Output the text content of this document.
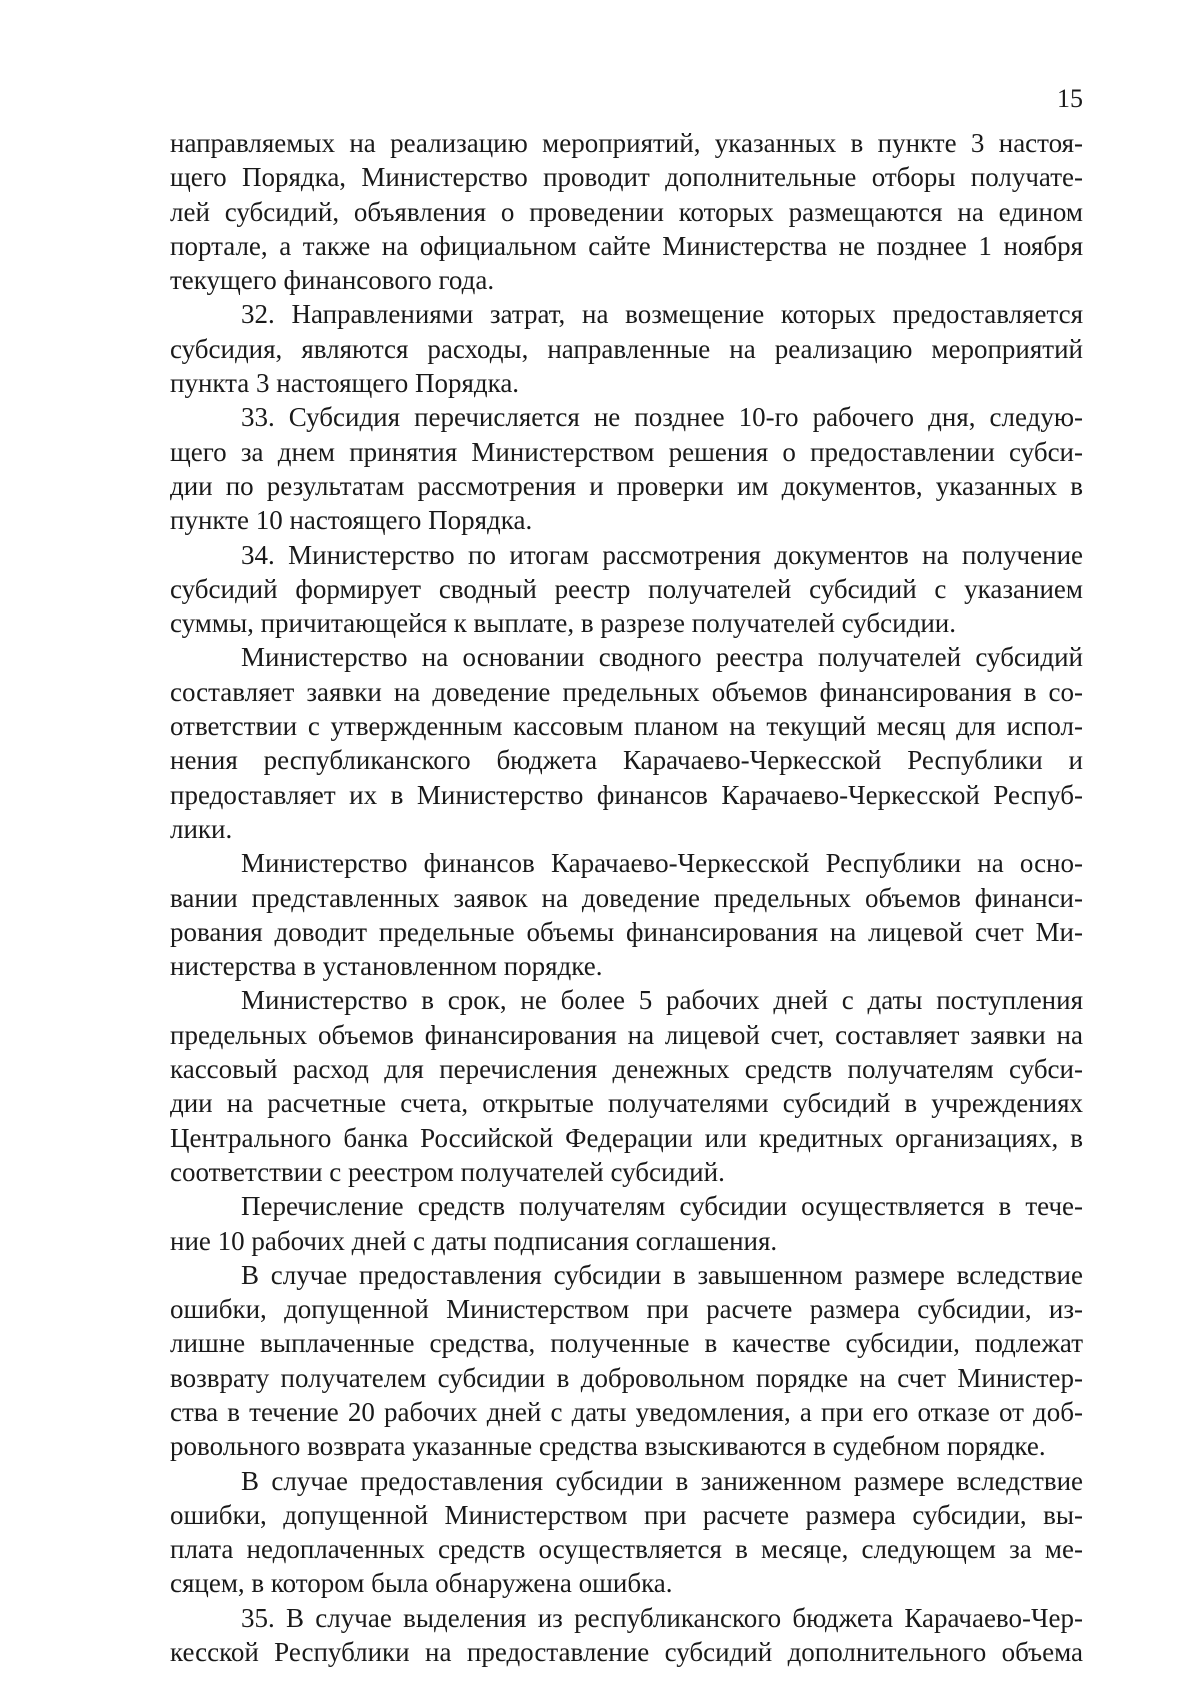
15
направляемых на реализацию мероприятий, указанных в пункте 3 настоя-
щего Порядка, Министерство проводит дополнительные отборы получате-
лей субсидий, объявления о проведении которых размещаются на едином
портале, а также на официальном сайте Министерства не позднее 1 ноября
текущего финансового года.
32. Направлениями затрат, на возмещение которых предоставляется
субсидия, являются расходы, направленные на реализацию мероприятий
пункта 3 настоящего Порядка.
33. Субсидия перечисляется не позднее 10-го рабочего дня, следую-
щего за днем принятия Министерством решения о предоставлении субси-
дии по результатам рассмотрения и проверки им документов, указанных в
пункте 10 настоящего Порядка.
34. Министерство по итогам рассмотрения документов на получение
субсидий формирует сводный реестр получателей субсидий с указанием
суммы, причитающейся к выплате, в разрезе получателей субсидии.
Министерство на основании сводного реестра получателей субсидий
составляет заявки на доведение предельных объемов финансирования в со-
ответствии с утвержденным кассовым планом на текущий месяц для испол-
нения республиканского бюджета Карачаево-Черкесской Республики и
предоставляет их в Министерство финансов Карачаево-Черкесской Респуб-
лики.
Министерство финансов Карачаево-Черкесской Республики на осно-
вании представленных заявок на доведение предельных объемов финанси-
рования доводит предельные объемы финансирования на лицевой счет Ми-
нистерства в установленном порядке.
Министерство в срок, не более 5 рабочих дней с даты поступления
предельных объемов финансирования на лицевой счет, составляет заявки на
кассовый расход для перечисления денежных средств получателям субси-
дии на расчетные счета, открытые получателями субсидий в учреждениях
Центрального банка Российской Федерации или кредитных организациях, в
соответствии с реестром получателей субсидий.
Перечисление средств получателям субсидии осуществляется в тече-
ние 10 рабочих дней с даты подписания соглашения.
В случае предоставления субсидии в завышенном размере вследствие
ошибки, допущенной Министерством при расчете размера субсидии, из-
лишне выплаченные средства, полученные в качестве субсидии, подлежат
возврату получателем субсидии в добровольном порядке на счет Министер-
ства в течение 20 рабочих дней с даты уведомления, а при его отказе от доб-
ровольного возврата указанные средства взыскиваются в судебном порядке.
В случае предоставления субсидии в заниженном размере вследствие
ошибки, допущенной Министерством при расчете размера субсидии, вы-
плата недоплаченных средств осуществляется в месяце, следующем за ме-
сяцем, в котором была обнаружена ошибка.
35. В случае выделения из республиканского бюджета Карачаево-Чер-
кесской Республики на предоставление субсидий дополнительного объема
